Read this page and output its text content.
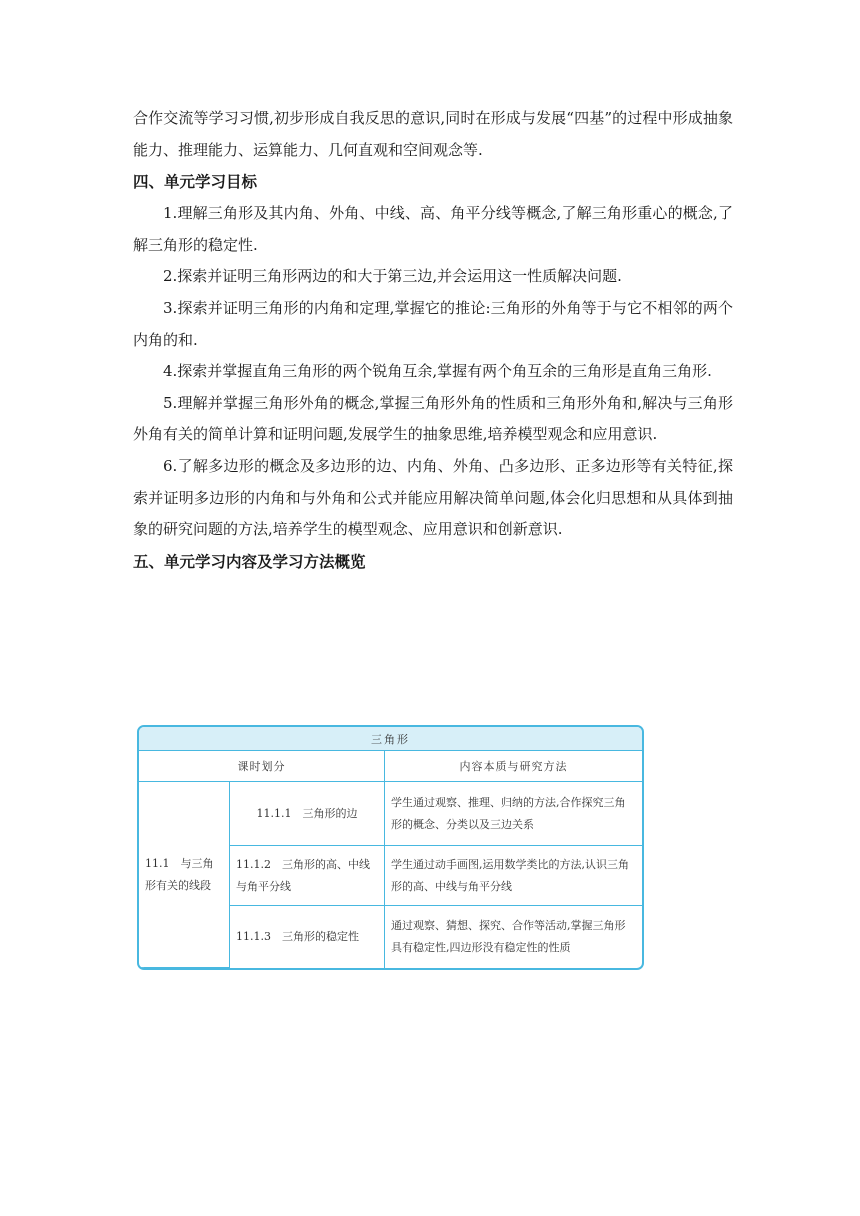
合作交流等学习习惯,初步形成自我反思的意识,同时在形成与发展“四基”的过程中形成抽象能力、推理能力、运算能力、几何直观和空间观念等.

四、单元学习目标

1.理解三角形及其内角、外角、中线、高、角平分线等概念,了解三角形重心的概念,了解三角形的稳定性.

2.探索并证明三角形两边的和大于第三边,并会运用这一性质解决问题.

3.探索并证明三角形的内角和定理,掌握它的推论:三角形的外角等于与它不相邻的两个内角的和.

4.探索并掌握直角三角形的两个锐角互余,掌握有两个角互余的三角形是直角三角形.

5.理解并掌握三角形外角的概念,掌握三角形外角的性质和三角形外角和,解决与三角形外角有关的简单计算和证明问题,发展学生的抽象思维,培养模型观念和应用意识.

6.了解多边形的概念及多边形的边、内角、外角、凸多边形、正多边形等有关特征,探索并证明多边形的内角和与外角和公式并能应用解决简单问题,体会化归思想和从具体到抽象的研究问题的方法,培养学生的模型观念、应用意识和创新意识.

五、单元学习内容及学习方法概览

三角形		
课时划分		内容本质与研究方法
11.1　与三角形有关的线段	11.1.1　三角形的边	学生通过观察、推理、归纳的方法,合作探究三角形的概念、分类以及三边关系
	11.1.2　三角形的高、中线与角平分线	学生通过动手画图,运用数学类比的方法,认识三角形的高、中线与角平分线
	11.1.3　三角形的稳定性	通过观察、猜想、探究、合作等活动,掌握三角形具有稳定性,四边形没有稳定性的性质
